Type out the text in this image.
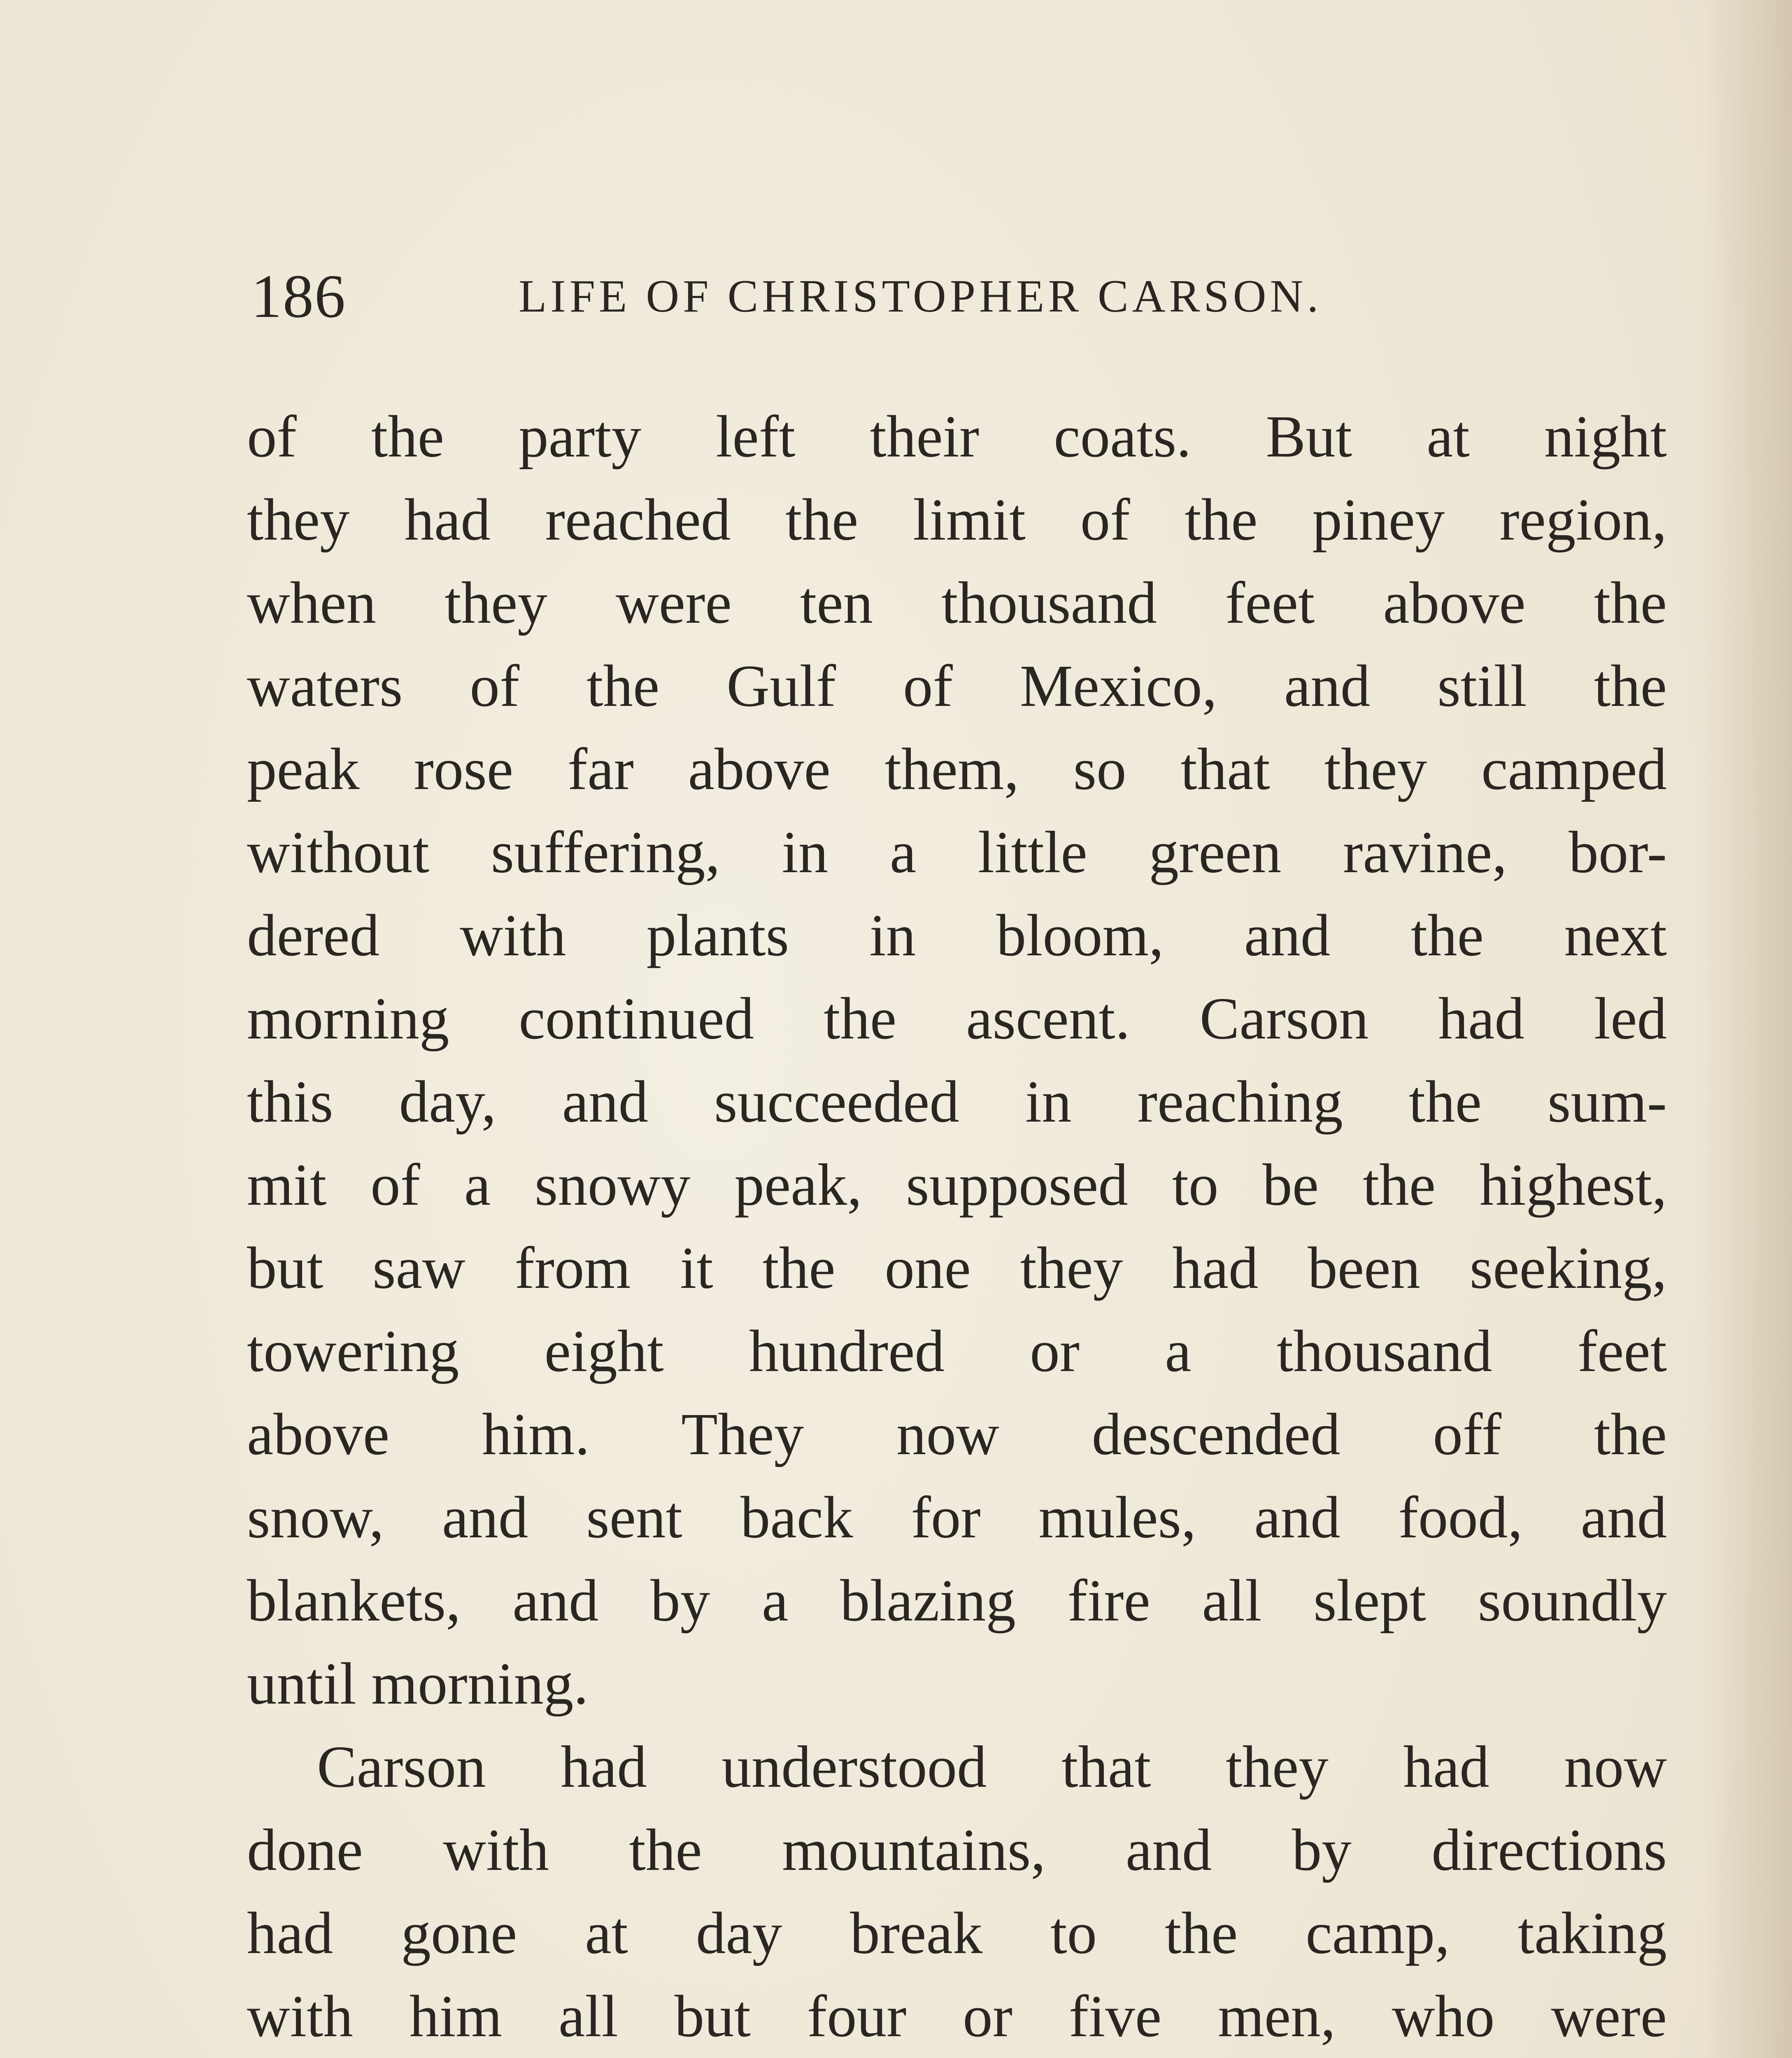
186	LIFE OF CHRISTOPHER CARSON.
of the party left their coats. But at night
they had reached the limit of the piney region,
when they were ten thousand feet above the
waters of the Gulf of Mexico, and still the
peak rose far above them, so that they camped
without suffering, in a little green ravine, bor-
dered with plants in bloom, and the next
morning continued the ascent. Carson had led
this day, and succeeded in reaching the sum-
mit of a snowy peak, supposed to be the highest,
but saw from it the one they had been seeking,
towering eight hundred or a thousand feet
above him. They now descended off the
snow, and sent back for mules, and food, and
blankets, and by a blazing fire all slept soundly
until morning.
Carson had understood that they had now
done with the mountains, and by directions
had gone at day break to the camp, taking
with him all but four or five men, who were
